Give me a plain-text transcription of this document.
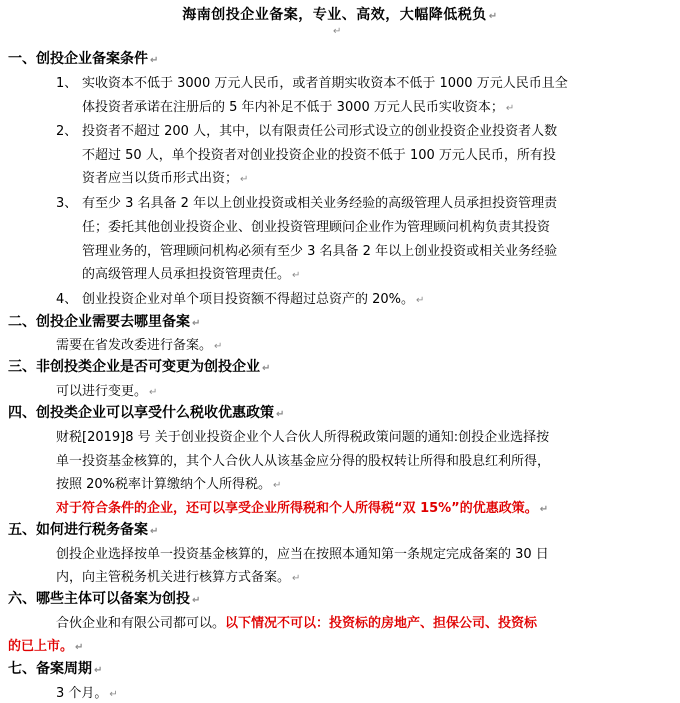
海南创投企业备案，专业、高效，大幅降低税负 ↵
↵
一、创投企业备案条件 ↵
1、 实收资本不低于 3000 万元人民币，或者首期实收资本不低于 1000 万元人民币且全
体投资者承诺在注册后的 5 年内补足不低于 3000 万元人民币实收资本； ↵
2、 投资者不超过 200 人，其中，以有限责任公司形式设立的创业投资企业投资者人数
不超过 50 人，单个投资者对创业投资企业的投资不低于 100 万元人民币，所有投
资者应当以货币形式出资； ↵
3、 有至少 3 名具备 2 年以上创业投资或相关业务经验的高级管理人员承担投资管理责
任；委托其他创业投资企业、创业投资管理顾问企业作为管理顾问机构负责其投资
管理业务的，管理顾问机构必须有至少 3 名具备 2 年以上创业投资或相关业务经验
的高级管理人员承担投资管理责任。 ↵
4、 创业投资企业对单个项目投资额不得超过总资产的 20%。 ↵
二、创投企业需要去哪里备案 ↵
需要在省发改委进行备案。 ↵
三、非创投类企业是否可变更为创投企业 ↵
可以进行变更。 ↵
四、创投类企业可以享受什么税收优惠政策 ↵
财税[2019]8 号 关于创业投资企业个人合伙人所得税政策问题的通知:创投企业选择按
单一投资基金核算的，其个人合伙人从该基金应分得的股权转让所得和股息红利所得，
按照 20%税率计算缴纳个人所得税。 ↵
对于符合条件的企业，还可以享受企业所得税和个人所得税“双 15%”的优惠政策。 ↵
五、如何进行税务备案 ↵
创投企业选择按单一投资基金核算的，应当在按照本通知第一条规定完成备案的 30 日
内，向主管税务机关进行核算方式备案。 ↵
六、哪些主体可以备案为创投 ↵
合伙企业和有限公司都可以。以下情况不可以：投资标的房地产、担保公司、投资标
的已上市。 ↵
七、备案周期 ↵
3 个月。 ↵
